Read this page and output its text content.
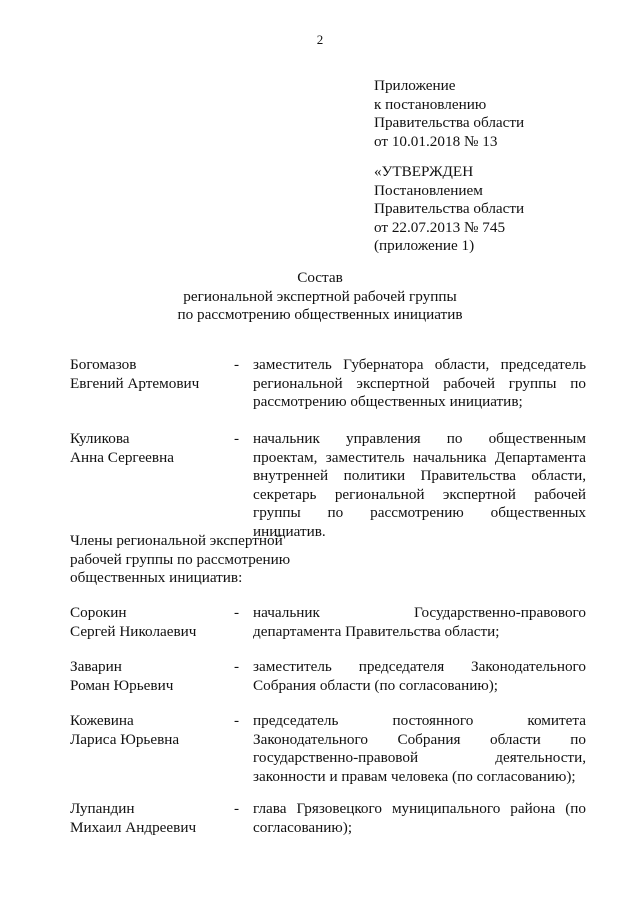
2
Приложение
к постановлению
Правительства области
от 10.01.2018 № 13
«УТВЕРЖДЕН
Постановлением
Правительства области
от 22.07.2013 № 745
(приложение 1)
Состав
региональной экспертной рабочей группы
по рассмотрению общественных инициатив
Богомазов
Евгений Артемович
- заместитель Губернатора области, председатель региональной экспертной рабочей группы по рассмотрению общественных инициатив;
Куликова
Анна Сергеевна
- начальник управления по общественным проектам, заместитель начальника Департамента внутренней политики Правительства области, секретарь региональной экспертной рабочей группы по рассмотрению общественных инициатив.
Члены региональной экспертной
рабочей группы по рассмотрению
общественных инициатив:
Сорокин
Сергей Николаевич
- начальник Государственно-правового департамента Правительства области;
Заварин
Роман Юрьевич
- заместитель председателя Законодательного Собрания области (по согласованию);
Кожевина
Лариса Юрьевна
- председатель постоянного комитета Законодательного Собрания области по государственно-правовой деятельности, законности и правам человека (по согласованию);
Лупандин
Михаил Андреевич
- глава Грязовецкого муниципального района (по согласованию);
